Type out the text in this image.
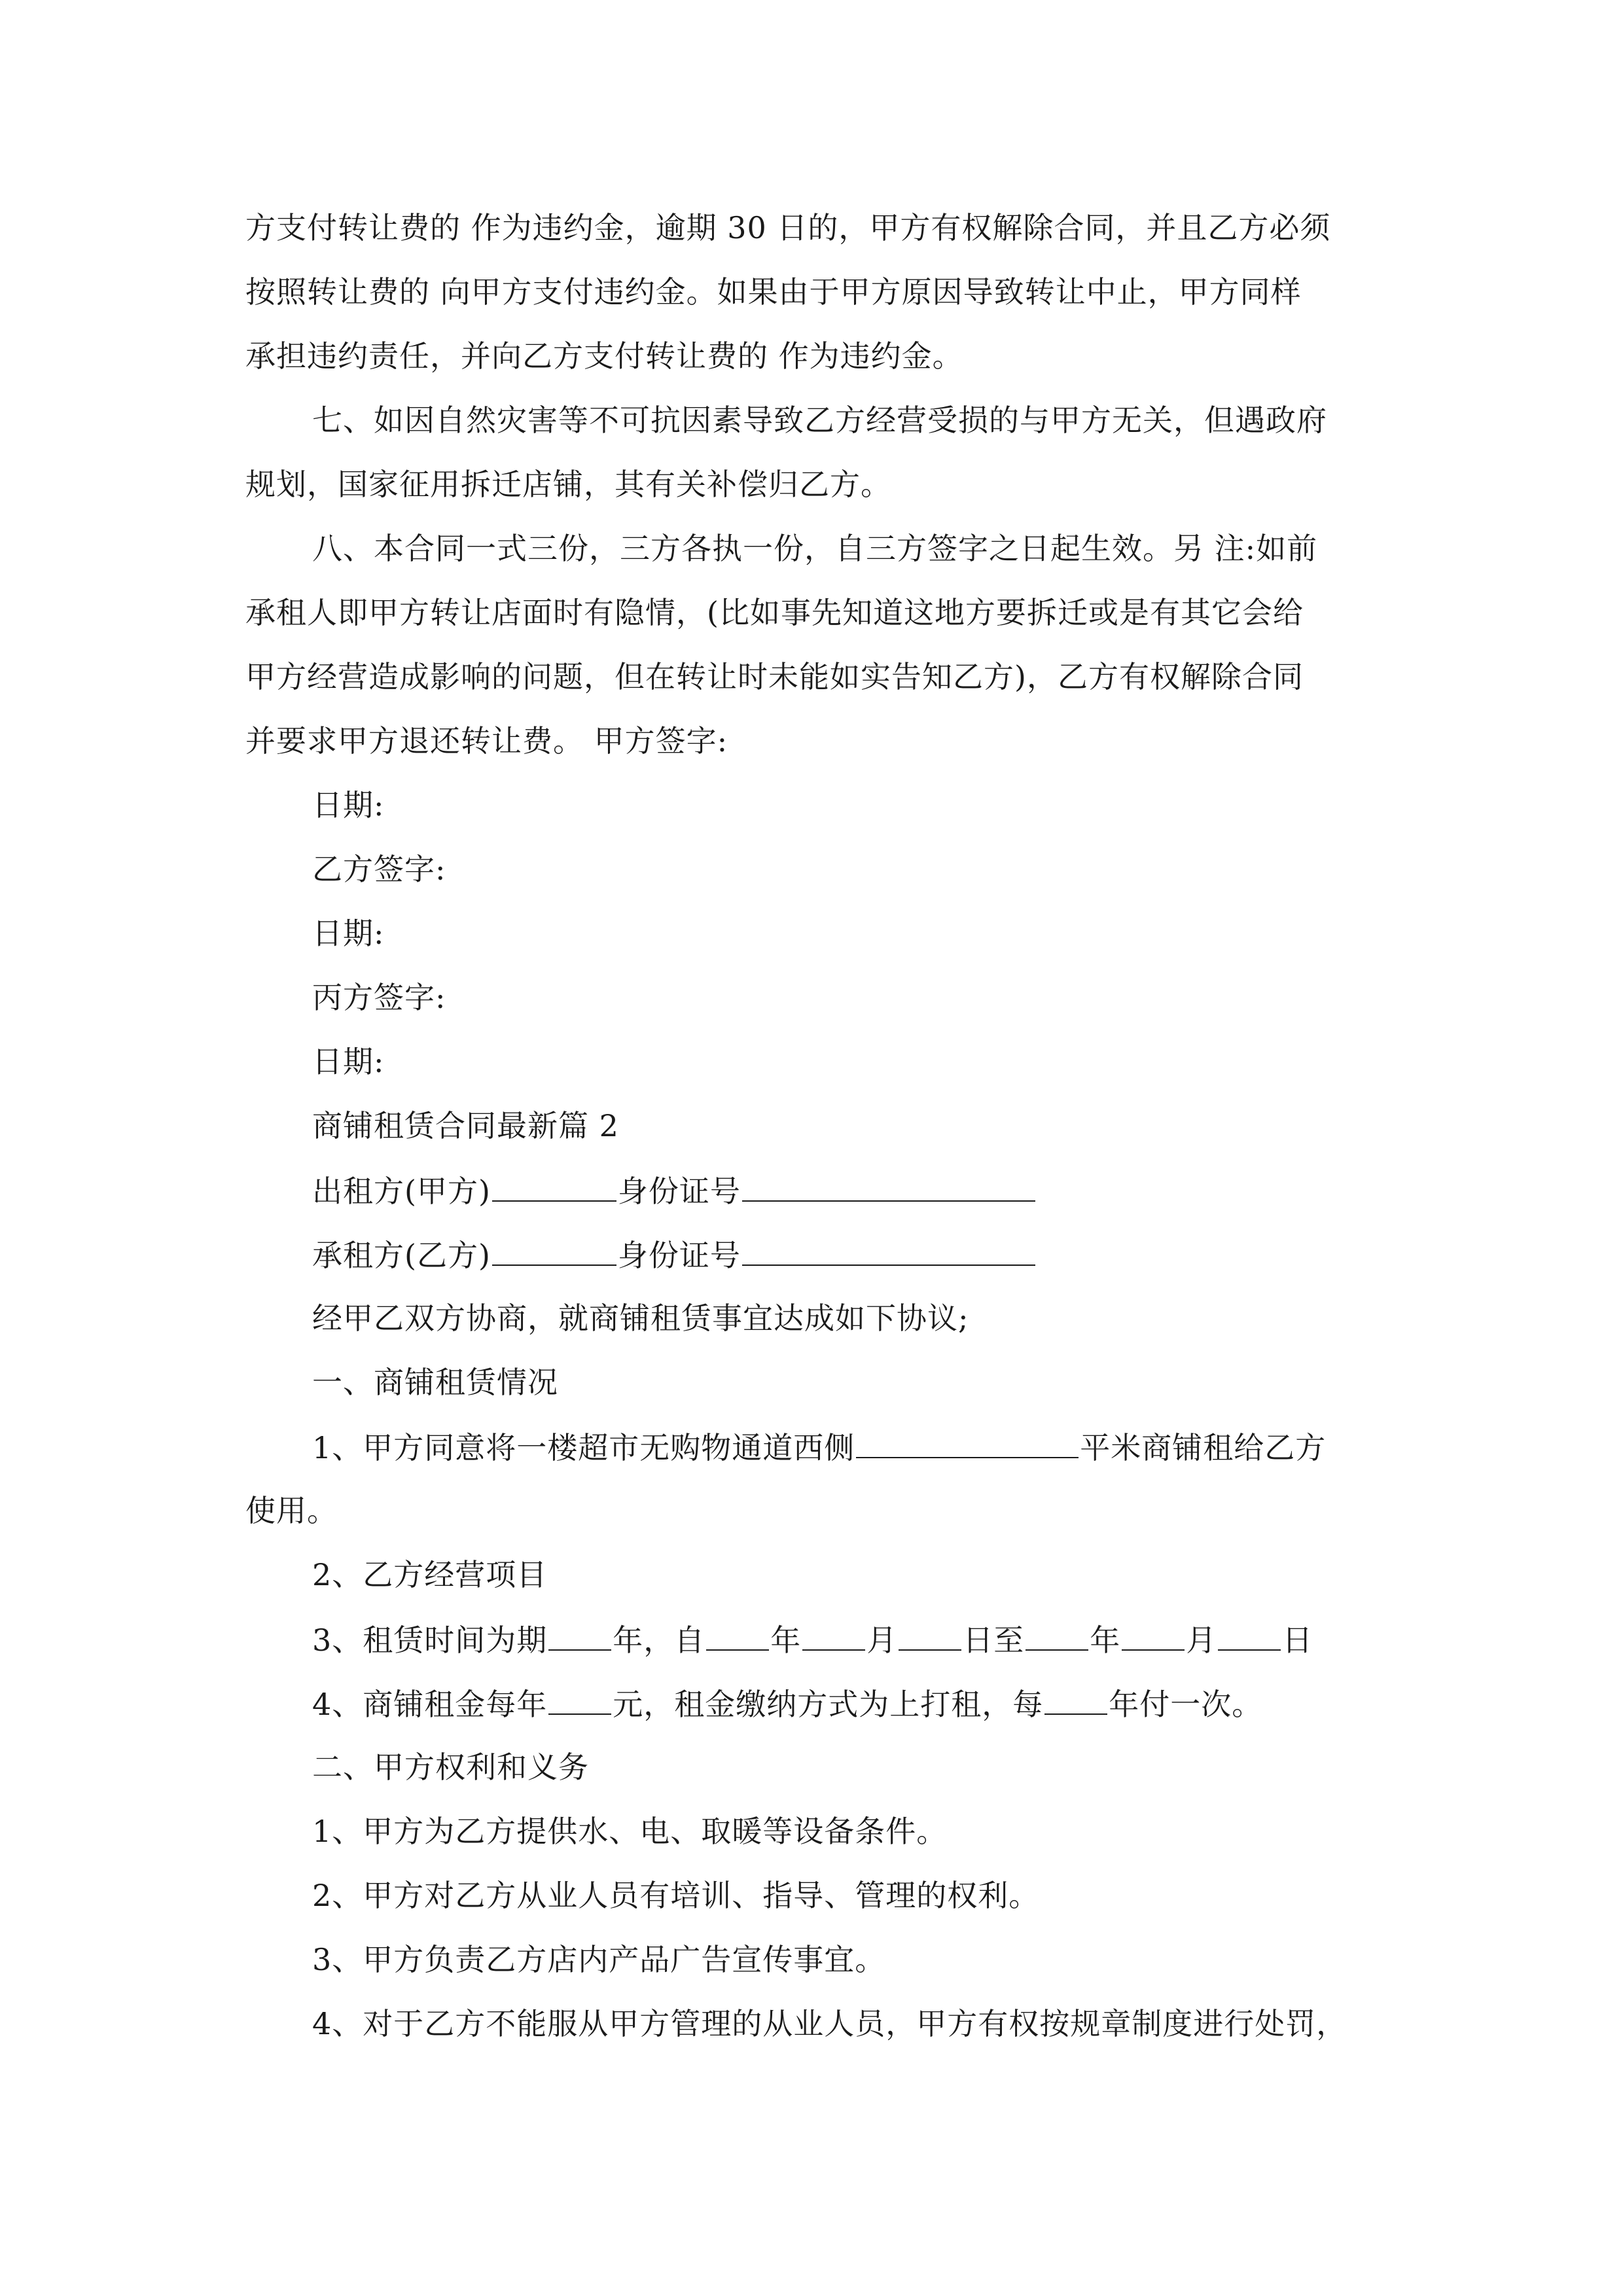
方支付转让费的 作为违约金，逾期 30 日的，甲方有权解除合同，并且乙方必须
按照转让费的 向甲方支付违约金。如果由于甲方原因导致转让中止，甲方同样
承担违约责任，并向乙方支付转让费的 作为违约金。
七、如因自然灾害等不可抗因素导致乙方经营受损的与甲方无关，但遇政府
规划，国家征用拆迁店铺，其有关补偿归乙方。
八、本合同一式三份，三方各执一份，自三方签字之日起生效。另 注:如前
承租人即甲方转让店面时有隐情，(比如事先知道这地方要拆迁或是有其它会给
甲方经营造成影响的问题，但在转让时未能如实告知乙方)，乙方有权解除合同
并要求甲方退还转让费。 甲方签字:
日期:
乙方签字:
日期:
丙方签字:
日期:
商铺租赁合同最新篇 2
出租方(甲方)	身份证号
承租方(乙方)	身份证号
经甲乙双方协商，就商铺租赁事宜达成如下协议;
一、商铺租赁情况
1、甲方同意将一楼超市无购物通道西侧	平米商铺租给乙方
使用。
2、乙方经营项目
3、租赁时间为期 年，自 年 月 日至 年 月 日
4、商铺租金每年 元，租金缴纳方式为上打租，每 年付一次。
二、甲方权利和义务
1、甲方为乙方提供水、电、取暖等设备条件。
2、甲方对乙方从业人员有培训、指导、管理的权利。
3、甲方负责乙方店内产品广告宣传事宜。
4、对于乙方不能服从甲方管理的从业人员，甲方有权按规章制度进行处罚，
